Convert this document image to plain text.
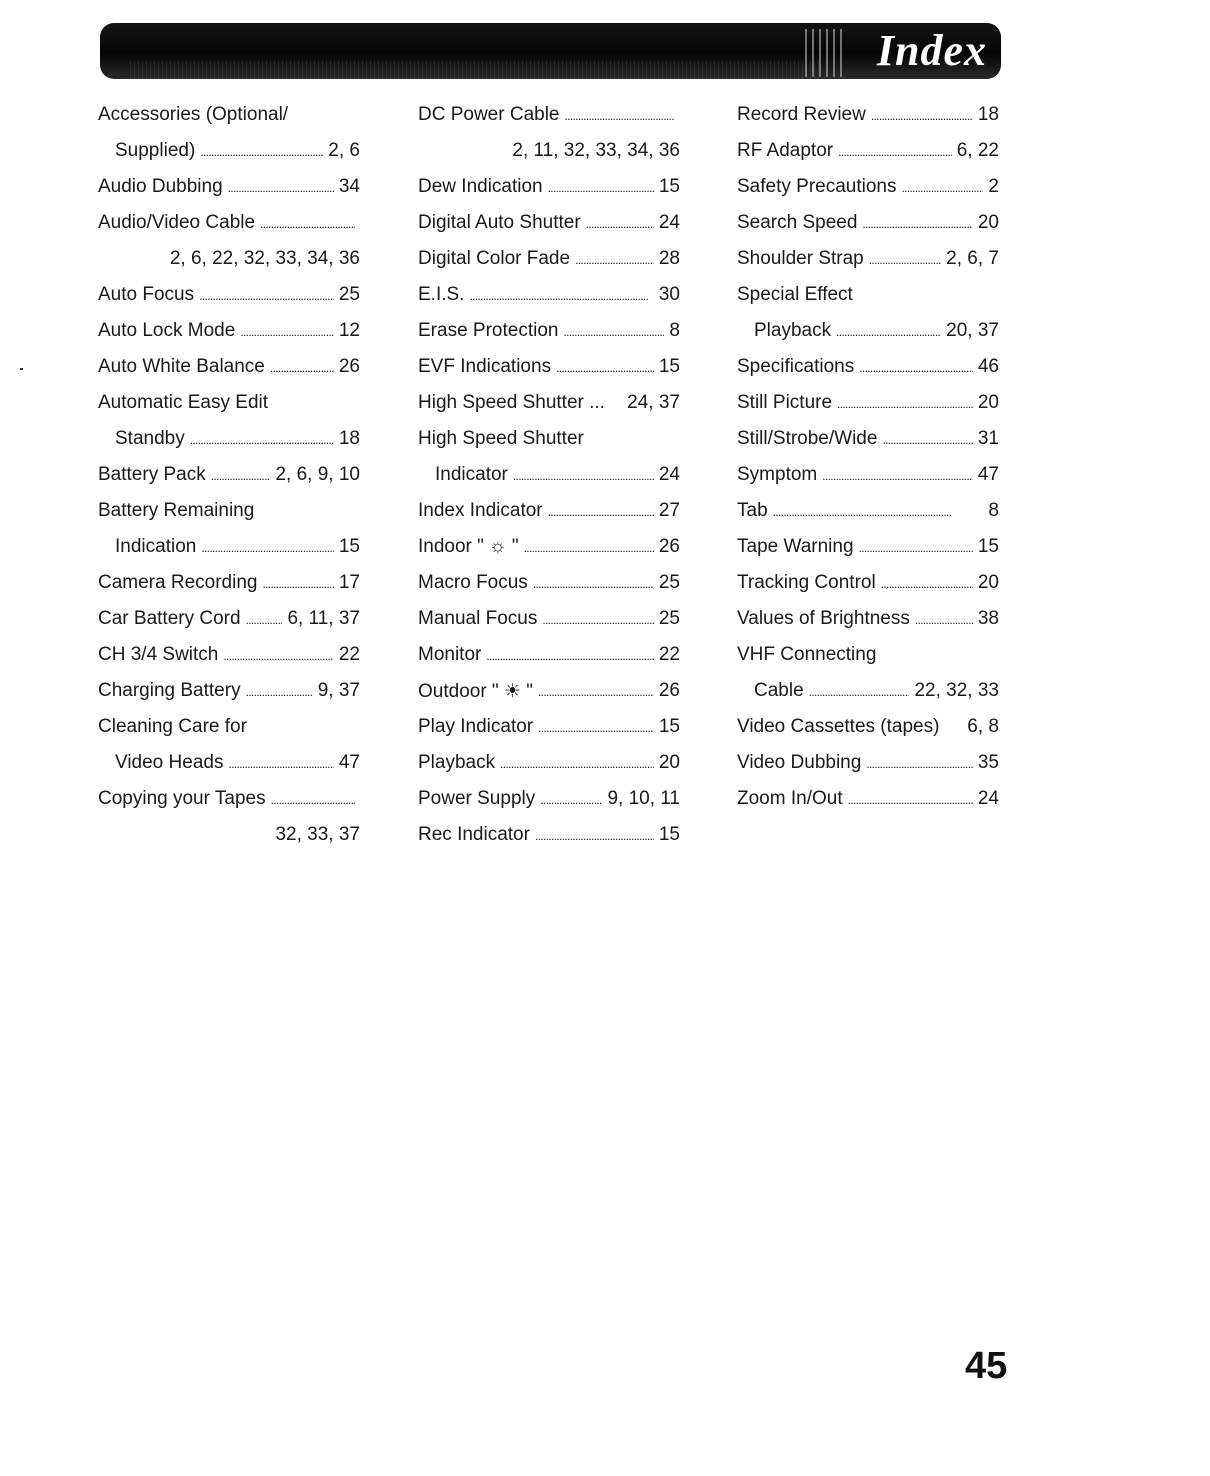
Index
Accessories (Optional/
Supplied) . . .	2, 6
Audio Dubbing . . .	34
Audio/Video Cable
. . .
2, 6, 22, 32, 33, 34, 36
Auto Focus . . .	25
Auto Lock Mode . . .	12
Auto White Balance . . .	26
Automatic Easy Edit
Standby . . .	18
Battery Pack . . .	2, 6, 9, 10
Battery Remaining
Indication . . .	15
Camera Recording . . .	17
Car Battery Cord . . . 6, 11, 37
CH 3/4 Switch . . .	22
Charging Battery . . .	9, 37
Cleaning Care for
Video Heads . . .	47
Copying your Tapes
. . .
32, 33, 37
DC Power Cable
. . .
2, 11, 32, 33, 34, 36
Dew Indication . . .	15
Digital Auto Shutter . . .	24
Digital Color Fade . . .	28
E.I.S. . . .	30
Erase Protection . . .	8
EVF Indications . . .	15
High Speed Shutter ... 24, 37
High Speed Shutter
Indicator . . .	24
Index Indicator . . .	27
Indoor " ☼ " . . .	26
Macro Focus . . .	25
Manual Focus . . .	25
Monitor . . .	22
Outdoor " ☀ " . . .	26
Play Indicator . . .	15
Playback . . .	20
Power Supply . . .	9, 10, 11
Rec Indicator . . .	15
Record Review . . .	18
RF Adaptor . . .	6, 22
Safety Precautions . . .	2
Search Speed . . .	20
Shoulder Strap . . .	2, 6, 7
Special Effect
Playback . . .	20, 37
Specifications . . .	46
Still Picture . . .	20
Still/Strobe/Wide . . .	31
Symptom . . .	47
Tab . . .	8
Tape Warning . . .	15
Tracking Control . . .	20
Values of Brightness . . .	38
VHF Connecting
Cable . . .	22, 32, 33
Video Cassettes (tapes) 6, 8
Video Dubbing . . .	35
Zoom In/Out . . .	24
45
